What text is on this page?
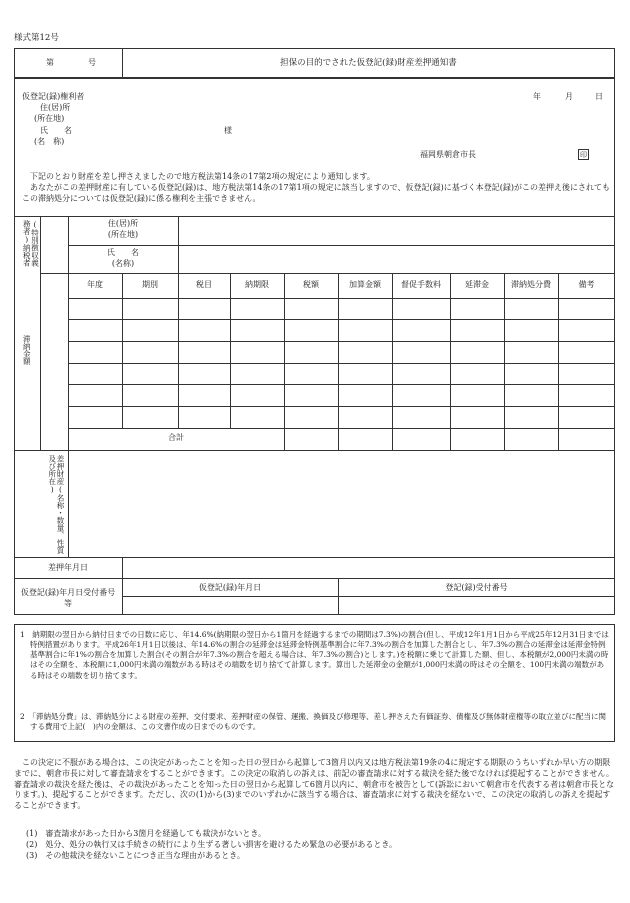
様式第12号
第	号	担保の目的でされた仮登記(録)財産差押通知書
仮登記(録)権利者
住(居)所
(所在地)
氏　　名
(名　称)
様
年	月	日
福岡県朝倉市長	印
下記のとおり財産を差し押さえましたので地方税法第14条の17第2項の規定により通知します。
あなたがこの差押財産に有している仮登記(録)は、地方税法第14条の17第1項の規定に該当しますので、仮登記(録)に基づく本登記(録)がこの差押え後にされてもこの滞納処分については仮登記(録)に係る権利を主張できません。
(特別徴収義務者)納税者	住(居)所
(所在地)
氏　　名
(名称)
滞納金額
年度	期別	税目	納期限	税額	加算金額	督促手数料	延滞金	滞納処分費	備考
合計
差押財産(名称・数量、性質及び所在)
差押年月日
仮登記(録)年月日受付番号等
仮登記(録)年月日	登記(録)受付番号
1　納期限の翌日から納付日までの日数に応じ、年14.6%(納期限の翌日から1箇月を経過するまでの期間は7.3%)の割合(但し、平成12年1月1日から平成25年12月31日までは特例措置があります。平成26年1月1日以後は、年14.6%の割合の延滞金は延滞金特例基準割合に年7.3%の割合を加算した割合とし、年7.3%の割合の延滞金は延滞金特例基準割合に年1%の割合を加算した割合(その割合が年7.3%の割合を超える場合は、年7.3%の割合)とします。)を税額に乗じて計算した額、但し、本税額が2,000円未満の時はその全額を、本税額に1,000円未満の端数がある時はその端数を切り捨てて計算します。算出した延滞金の金額が1,000円未満の時はその全額を、100円未満の端数がある時はその端数を切り捨てます。
2　「滞納処分費」は、滞納処分による財産の差押、交付要求、差押財産の保管、運搬、換価及び修理等、差し押さえた有価証券、債権及び無体財産権等の取立並びに配当に関する費用で上記(　)内の金額は、この文書作成の日までのものです。
この決定に不服がある場合は、この決定があったことを知った日の翌日から起算して3箇月以内又は地方税法第19条の4に規定する期限のうちいずれか早い方の期限までに、朝倉市長に対して審査請求をすることができます。この決定の取消しの訴えは、前記の審査請求に対する裁決を経た後でなければ提起することができません。審査請求の裁決を経た後は、その裁決があったことを知った日の翌日から起算して6箇月以内に、朝倉市を被告として(訴訟において朝倉市を代表する者は朝倉市長となります。)、提起することができます。ただし、次の(1)から(3)までのいずれかに該当する場合は、審査請求に対する裁決を経ないで、この決定の取消しの訴えを提起することができます。
(1)　審査請求があった日から3箇月を経過しても裁決がないとき。
(2)　処分、処分の執行又は手続きの続行により生ずる著しい損害を避けるため緊急の必要があるとき。
(3)　その他裁決を経ないことにつき正当な理由があるとき。
